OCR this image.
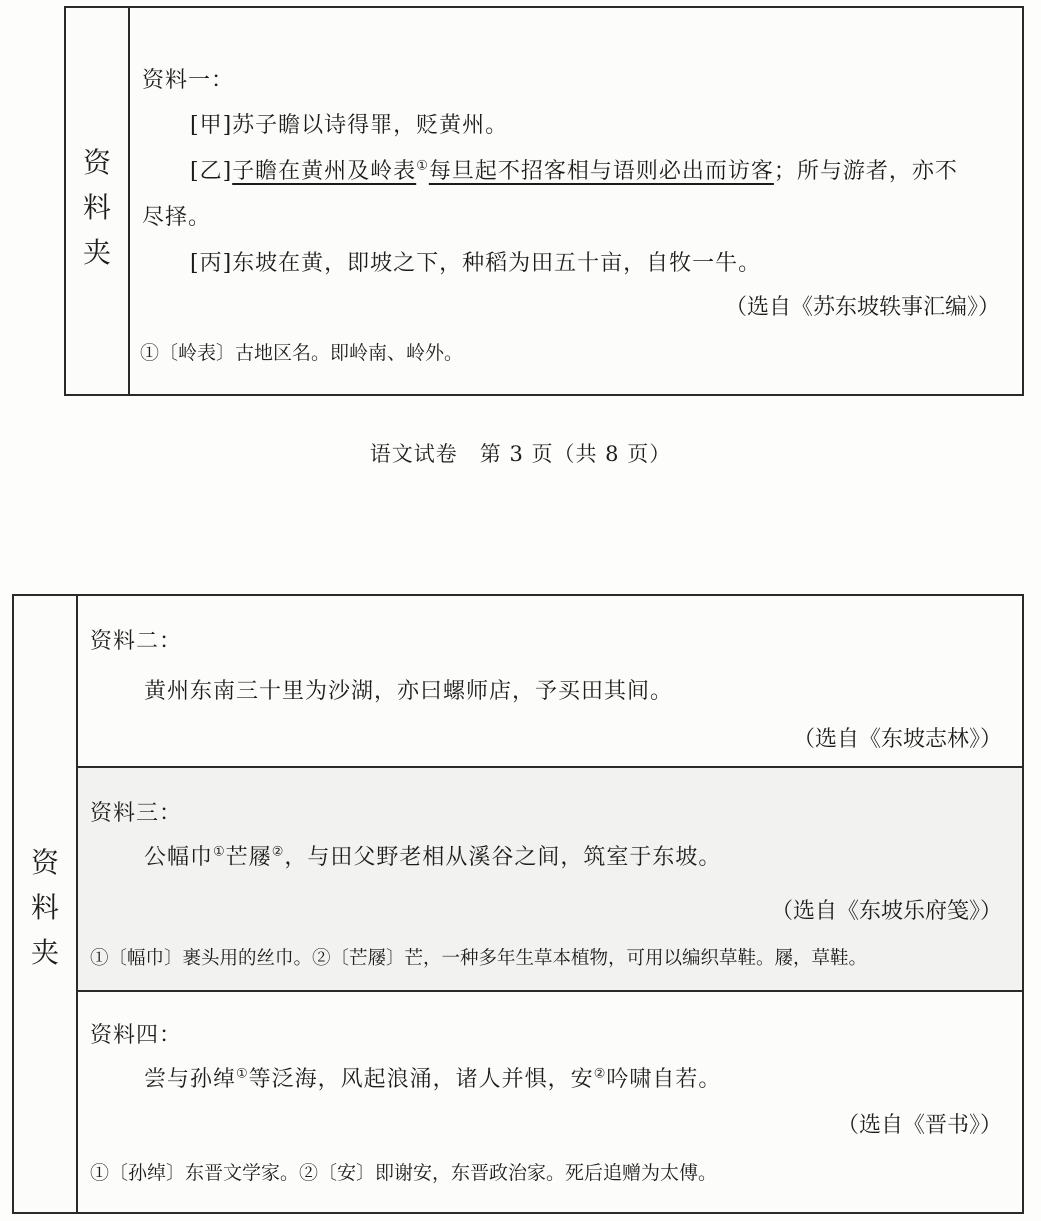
资
料
夹
资料一：
[甲]苏子瞻以诗得罪，贬黄州。
[乙]子瞻在黄州及岭表①每旦起不招客相与语则必出而访客；所与游者，亦不
尽择。
[丙]东坡在黄，即坡之下，种稻为田五十亩，自牧一牛。
（选自《苏东坡轶事汇编》）
①〔岭表〕古地区名。即岭南、岭外。
语文试卷　第 3 页（共 8 页）
资
料
夹
资料二：
黄州东南三十里为沙湖，亦曰螺师店，予买田其间。
（选自《东坡志林》）
资料三：
公幅巾①芒屦②，与田父野老相从溪谷之间，筑室于东坡。
（选自《东坡乐府笺》）
①〔幅巾〕裹头用的丝巾。②〔芒屦〕芒，一种多年生草本植物，可用以编织草鞋。屦，草鞋。
资料四：
尝与孙绰①等泛海，风起浪涌，诸人并惧，安②吟啸自若。
（选自《晋书》）
①〔孙绰〕东晋文学家。②〔安〕即谢安，东晋政治家。死后追赠为太傅。
